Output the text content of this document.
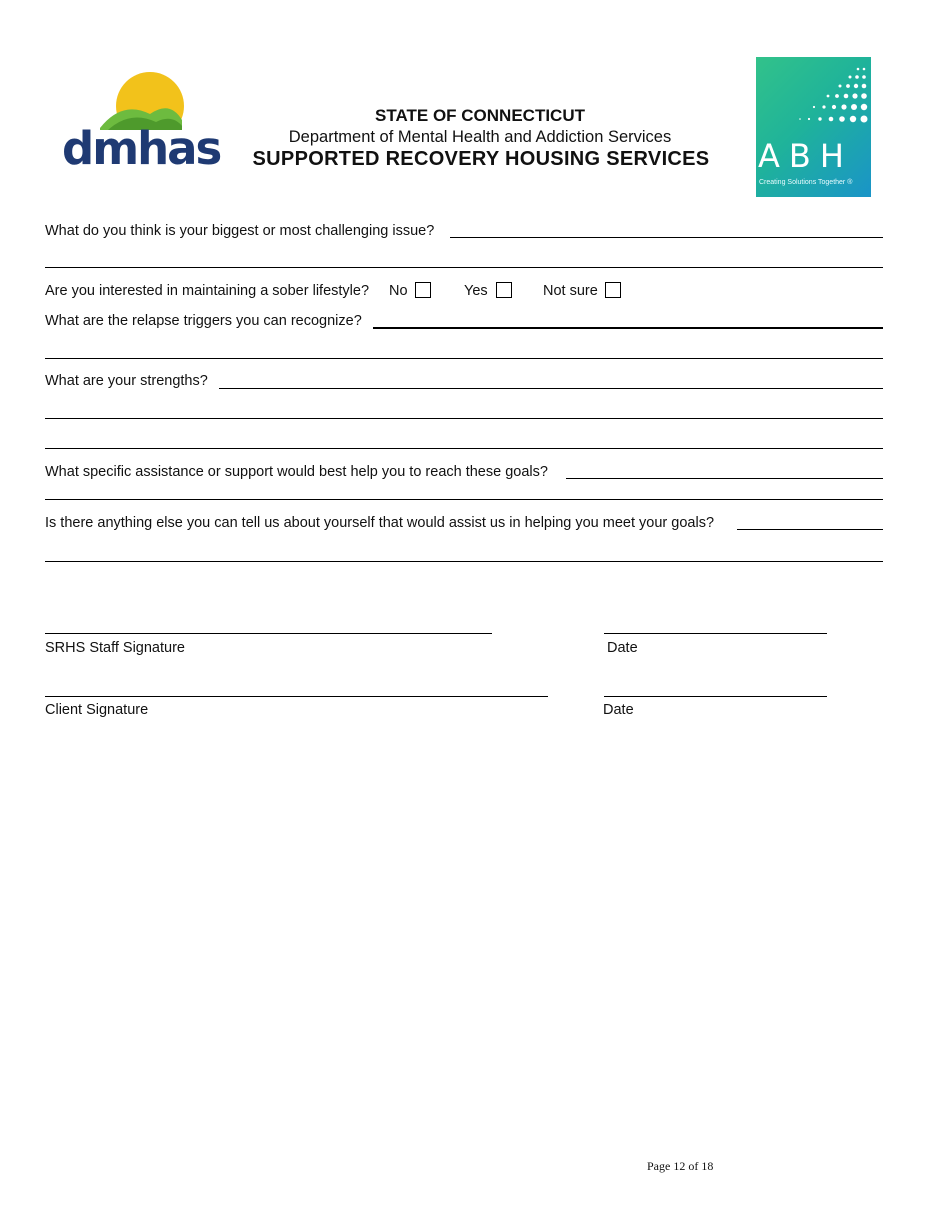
dmhas
STATE OF CONNECTICUT
Department of Mental Health and Addiction Services
SUPPORTED RECOVERY HOUSING SERVICES	ABH
Creating Solutions Together ®
What do you think is your biggest or most challenging issue?
Are you interested in maintaining a sober lifestyle? No	Yes	Not sure
What are the relapse triggers you can recognize?
What are your strengths?
What specific assistance or support would best help you to reach these goals?
Is there anything else you can tell us about yourself that would assist us in helping you meet your goals?
SRHS Staff Signature	Date
Client Signature	Date
Page 12 of 18
